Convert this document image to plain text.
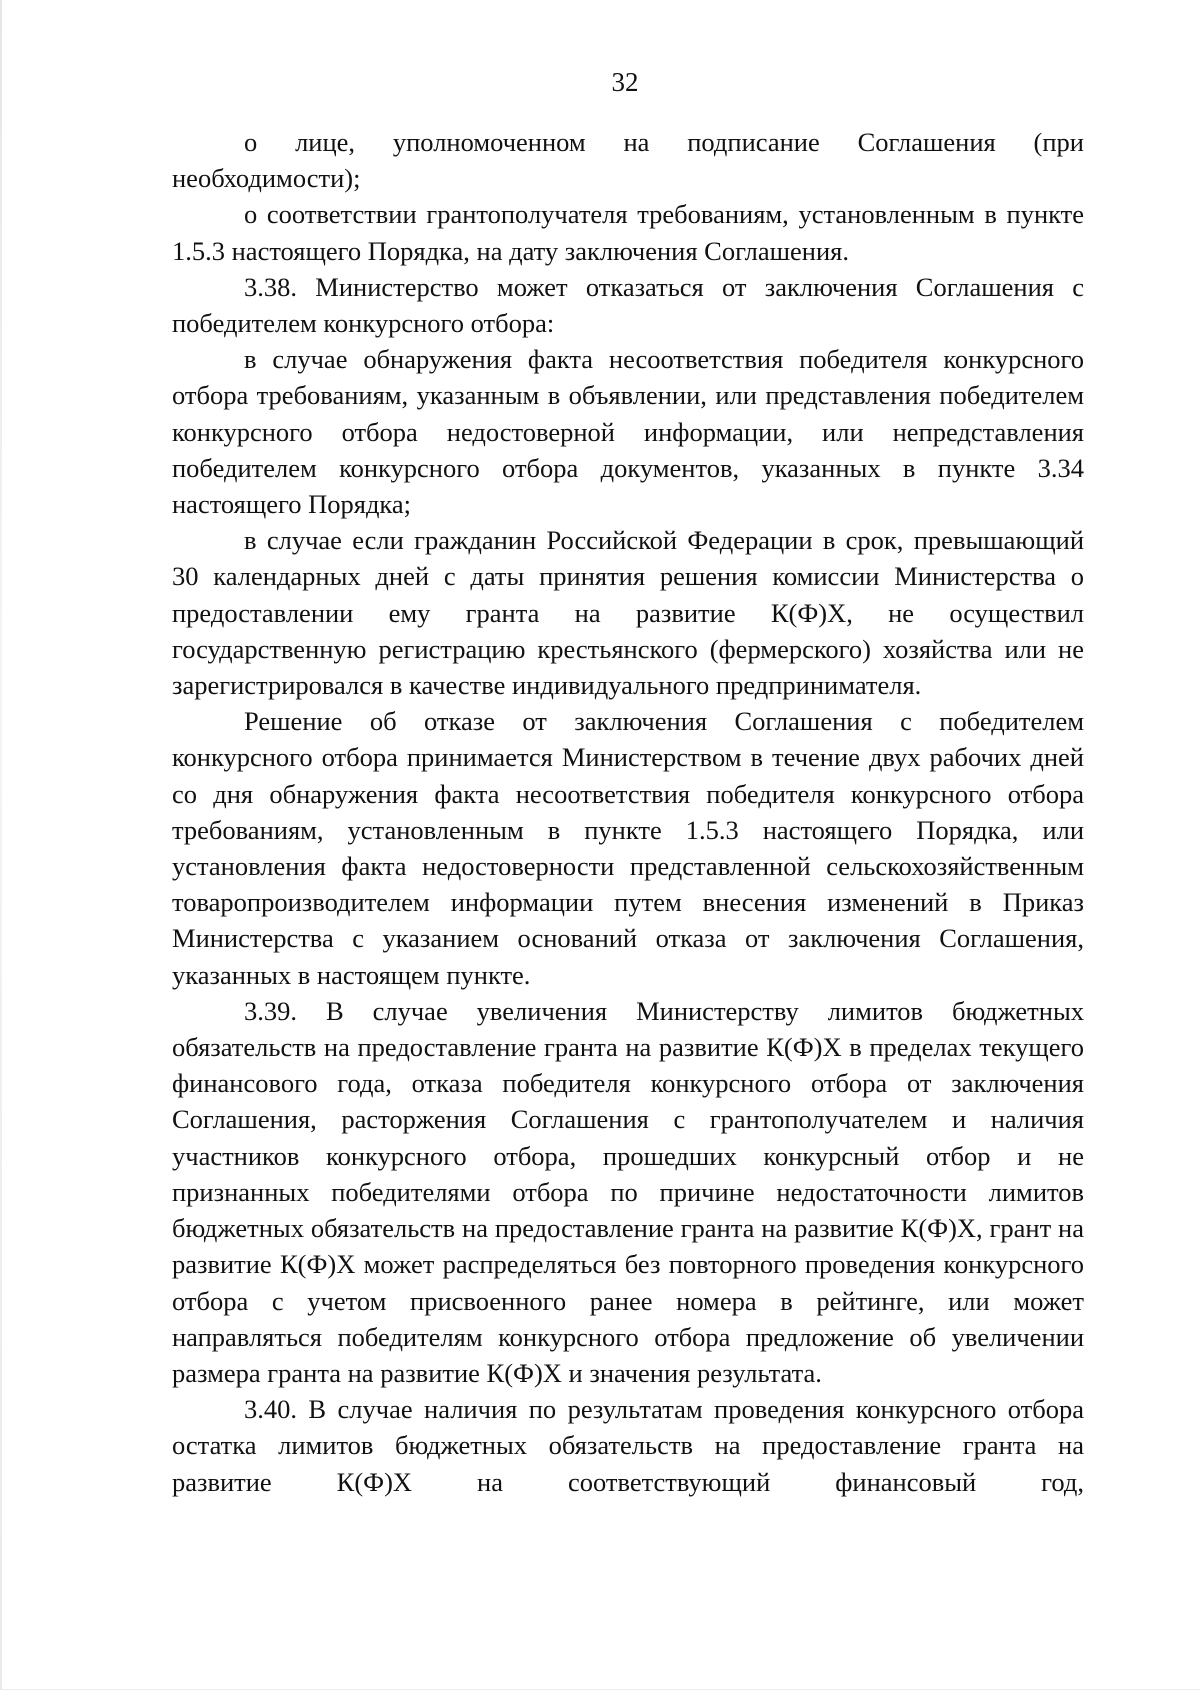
32

о лице, уполномоченном на подписание Соглашения (при необходимости);

о соответствии грантополучателя требованиям, установленным в пункте 1.5.3 настоящего Порядка, на дату заключения Соглашения.

3.38. Министерство может отказаться от заключения Соглашения с победителем конкурсного отбора:

в случае обнаружения факта несоответствия победителя конкурсного отбора требованиям, указанным в объявлении, или представления победителем конкурсного отбора недостоверной информации, или непредставления победителем конкурсного отбора документов, указанных в пункте 3.34 настоящего Порядка;

в случае если гражданин Российской Федерации в срок, превышающий 30 календарных дней с даты принятия решения комиссии Министерства о предоставлении ему гранта на развитие К(Ф)Х, не осуществил государственную регистрацию крестьянского (фермерского) хозяйства или не зарегистрировался в качестве индивидуального предпринимателя.

Решение об отказе от заключения Соглашения с победителем конкурсного отбора принимается Министерством в течение двух рабочих дней со дня обнаружения факта несоответствия победителя конкурсного отбора требованиям, установленным в пункте 1.5.3 настоящего Порядка, или установления факта недостоверности представленной сельскохозяйственным товаропроизводителем информации путем внесения изменений в Приказ Министерства с указанием оснований отказа от заключения Соглашения, указанных в настоящем пункте.

3.39. В случае увеличения Министерству лимитов бюджетных обязательств на предоставление гранта на развитие К(Ф)Х в пределах текущего финансового года, отказа победителя конкурсного отбора от заключения Соглашения, расторжения Соглашения с грантополучателем и наличия участников конкурсного отбора, прошедших конкурсный отбор и не признанных победителями отбора по причине недостаточности лимитов бюджетных обязательств на предоставление гранта на развитие К(Ф)Х, грант на развитие К(Ф)Х может распределяться без повторного проведения конкурсного отбора с учетом присвоенного ранее номера в рейтинге, или может направляться победителям конкурсного отбора предложение об увеличении размера гранта на развитие К(Ф)Х и значения результата.

3.40. В случае наличия по результатам проведения конкурсного отбора остатка лимитов бюджетных обязательств на предоставление гранта на развитие К(Ф)Х на соответствующий финансовый год,
